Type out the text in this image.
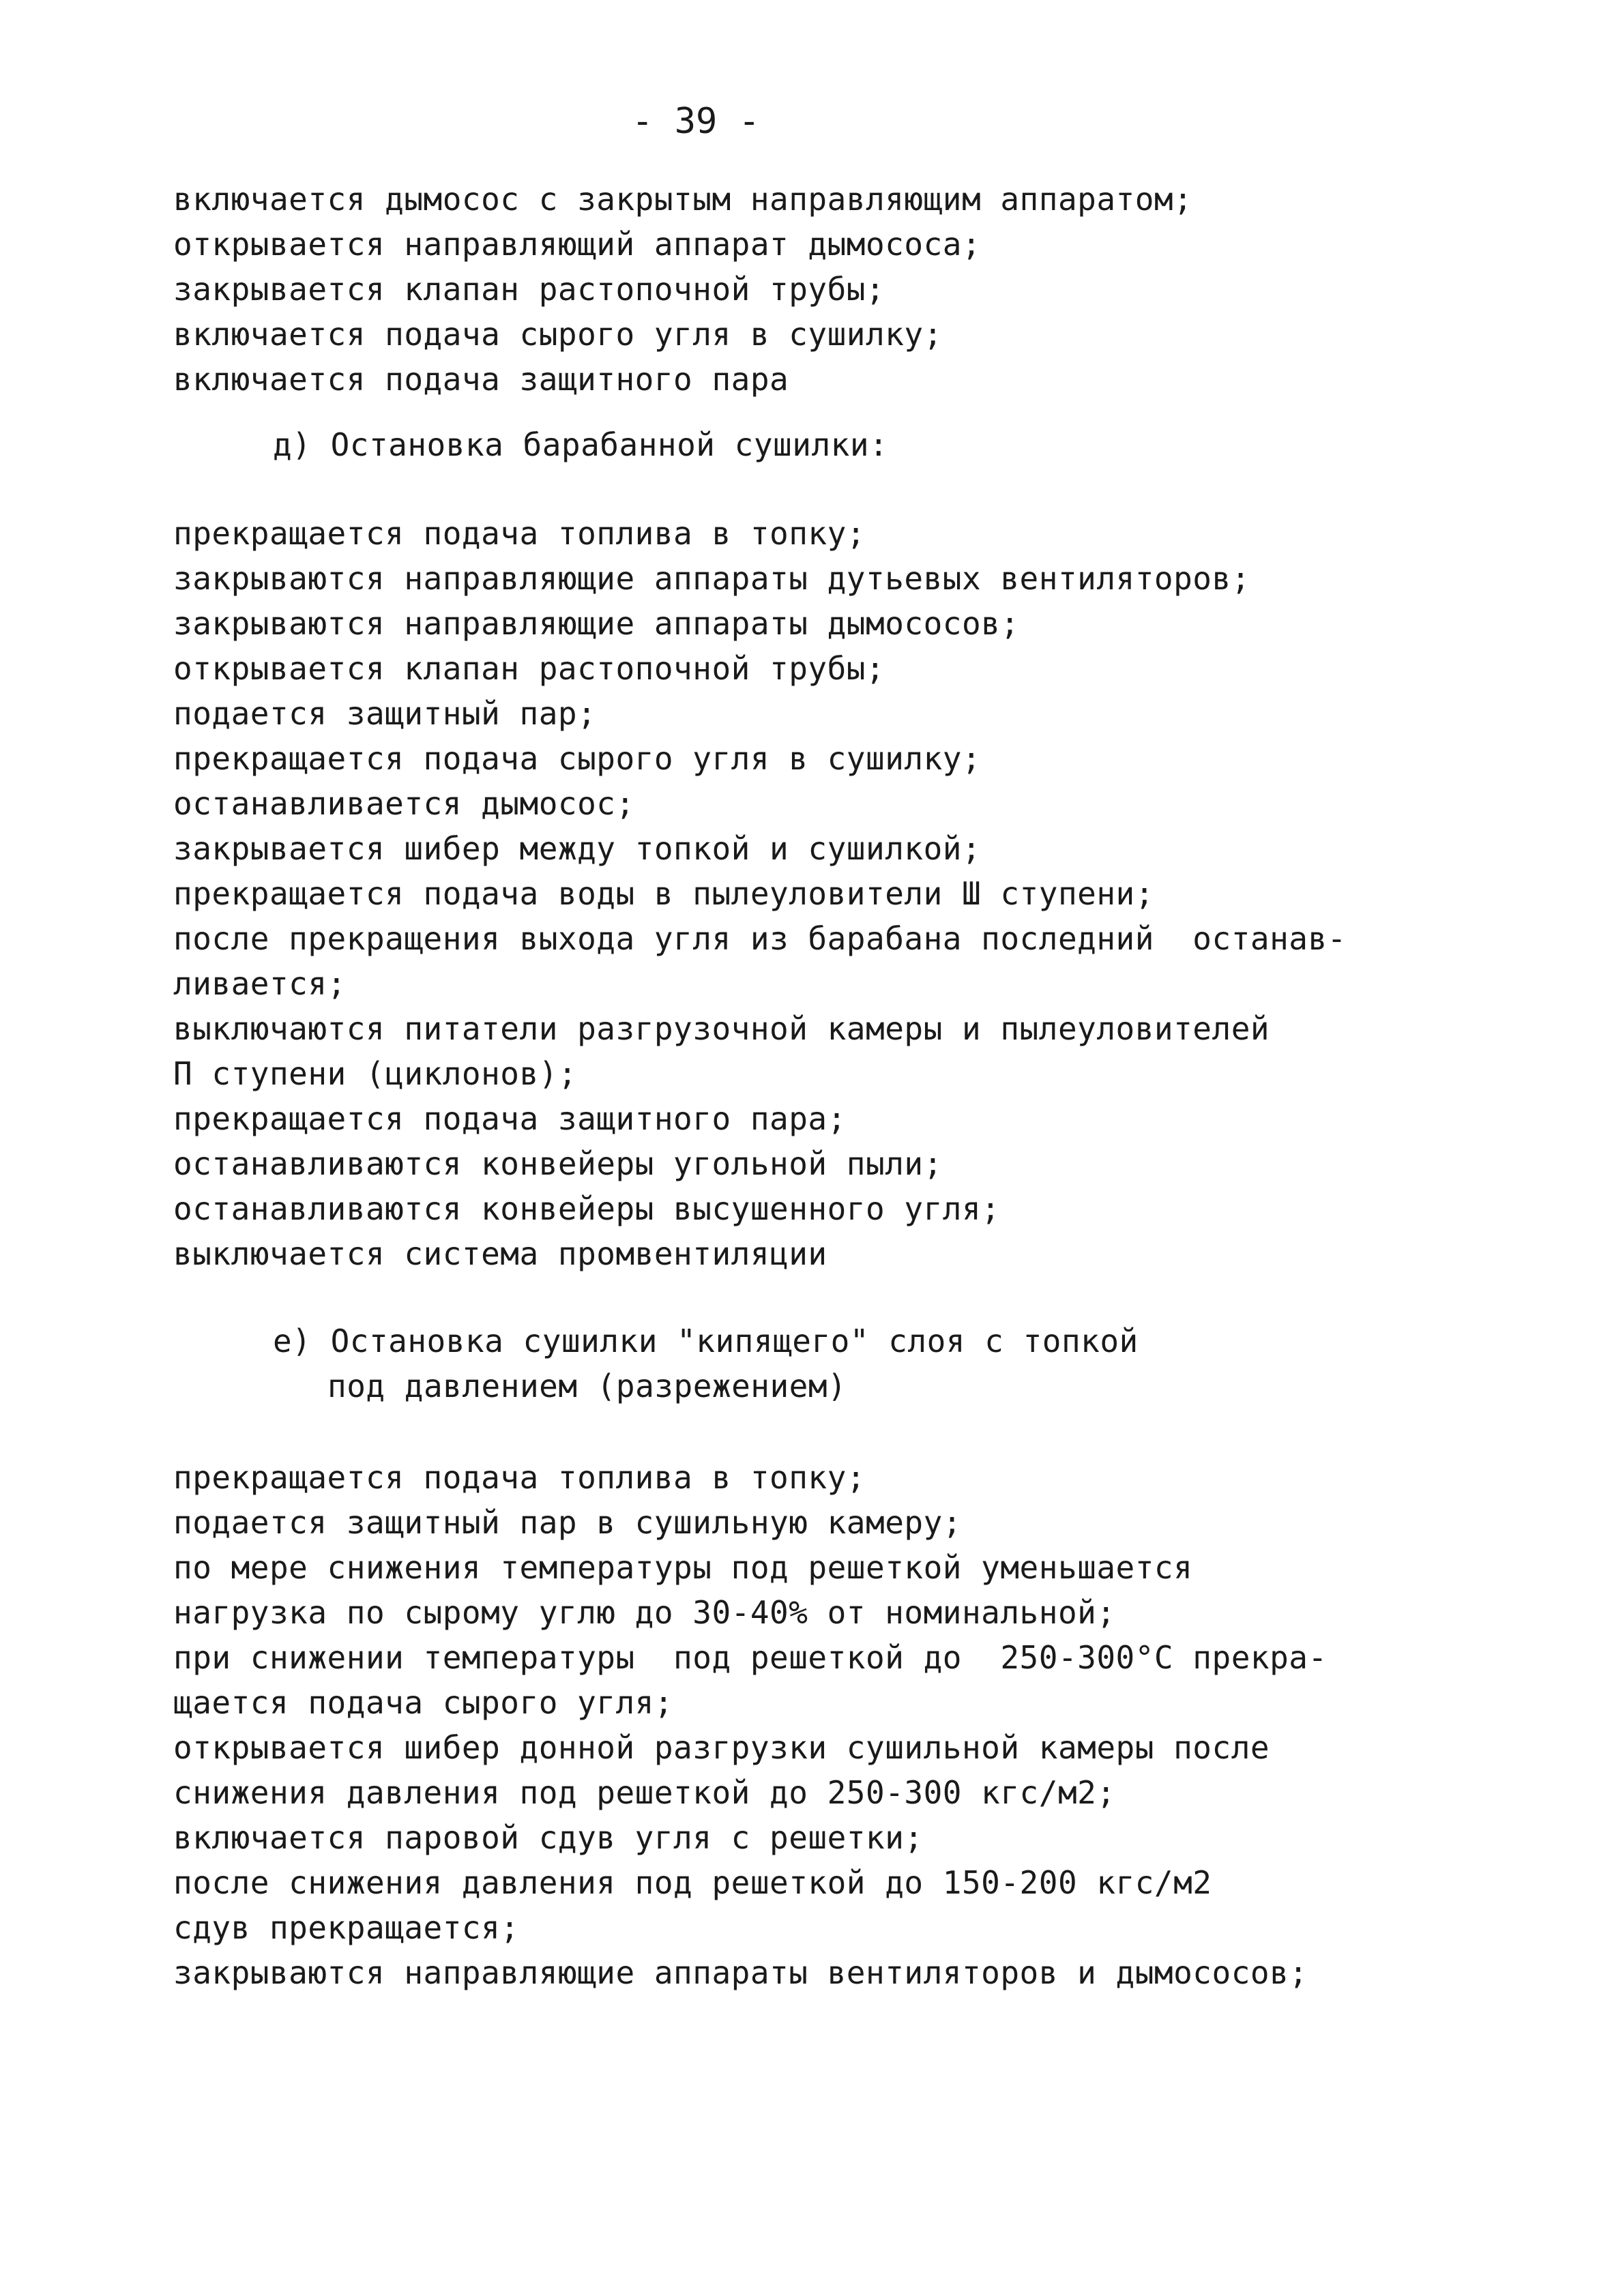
- 39 -
включается дымосос с закрытым направляющим аппаратом;
открывается направляющий аппарат дымососа;
закрывается клапан растопочной трубы;
включается подача сырого угля в сушилку;
включается подача защитного пара
д) Остановка барабанной сушилки:
прекращается подача топлива в топку;
закрываются направляющие аппараты дутьевых вентиляторов;
закрываются направляющие аппараты дымососов;
открывается клапан растопочной трубы;
подается защитный пар;
прекращается подача сырого угля в сушилку;
останавливается дымосос;
закрывается шибер между топкой и сушилкой;
прекращается подача воды в пылеуловители Ш ступени;
после прекращения выхода угля из барабана последний  останав-
ливается;
выключаются питатели разгрузочной камеры и пылеуловителей
П ступени (циклонов);
прекращается подача защитного пара;
останавливаются конвейеры угольной пыли;
останавливаются конвейеры высушенного угля;
выключается система промвентиляции
е) Остановка сушилки "кипящего" слоя с топкой
под давлением (разрежением)
прекращается подача топлива в топку;
подается защитный пар в сушильную камеру;
по мере снижения температуры под решеткой уменьшается
нагрузка по сырому углю до 30-40% от номинальной;
при снижении температуры  под решеткой до  250-300°С прекра-
щается подача сырого угля;
открывается шибер донной разгрузки сушильной камеры после
снижения давления под решеткой до 250-300 кгс/м2;
включается паровой сдув угля с решетки;
после снижения давления под решеткой до 150-200 кгс/м2
сдув прекращается;
закрываются направляющие аппараты вентиляторов и дымососов;
